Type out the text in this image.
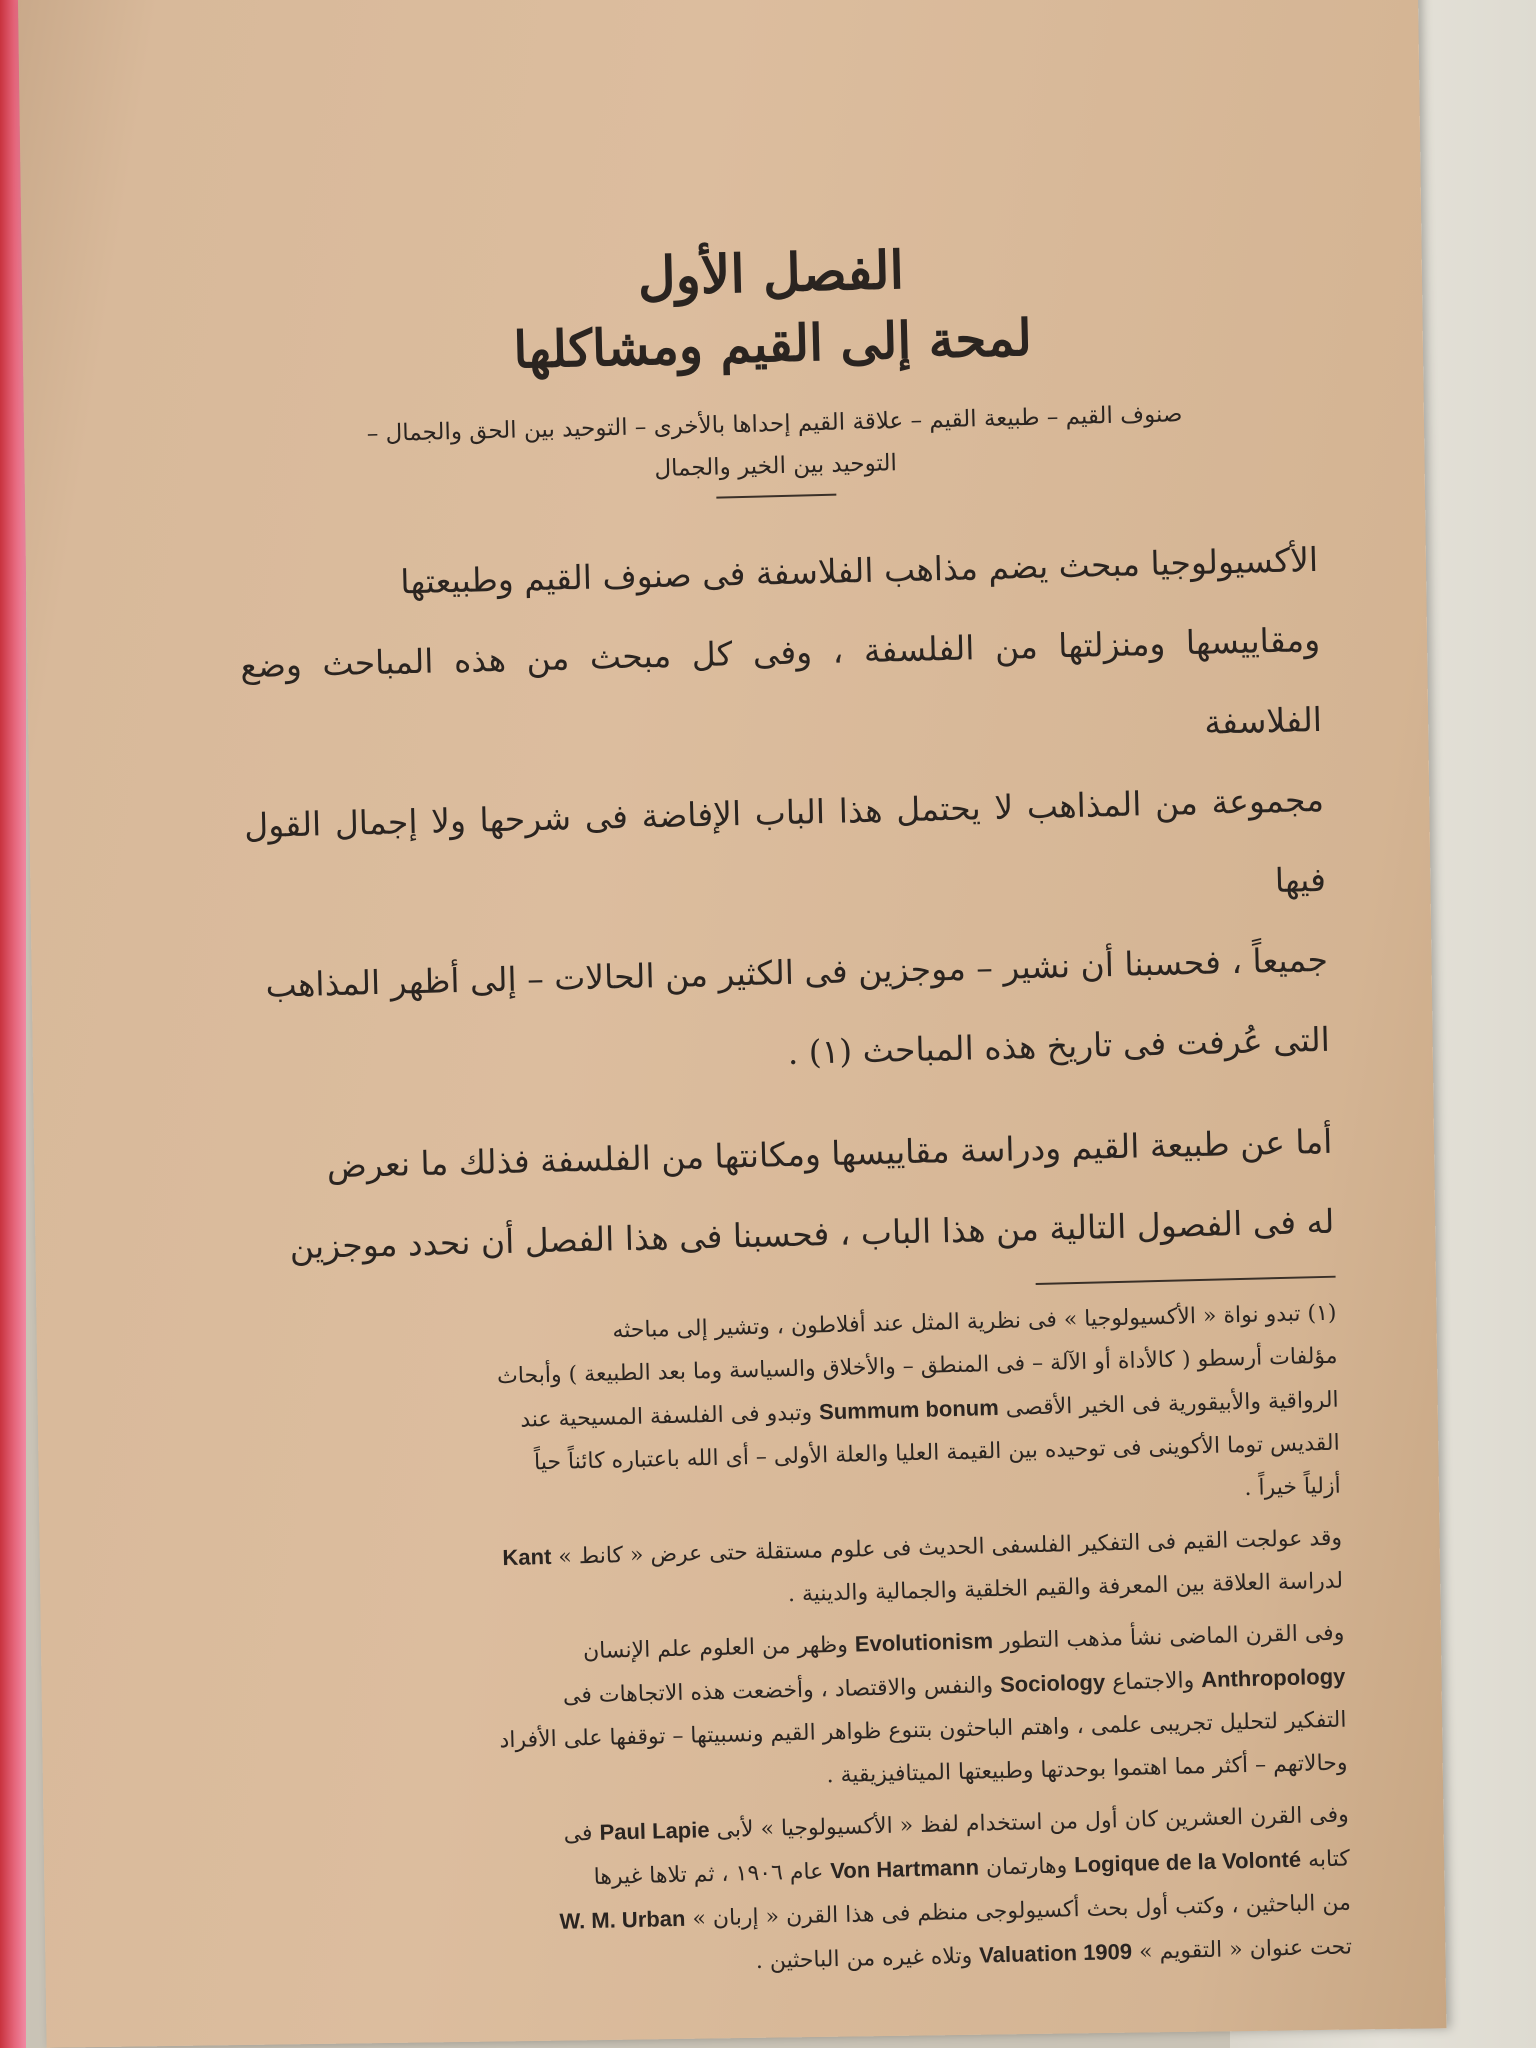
الفصل الأول
لمحة إلى القيم ومشاكلها
صنوف القيم – طبيعة القيم – علاقة القيم إحداها بالأخرى – التوحيد بين الحق والجمال –
التوحيد بين الخير والجمال
الأكسيولوجيا مبحث يضم مذاهب الفلاسفة فى صنوف القيم وطبيعتها
ومقاييسها ومنزلتها من الفلسفة ، وفى كل مبحث من هذه المباحث وضع الفلاسفة
مجموعة من المذاهب لا يحتمل هذا الباب الإفاضة فى شرحها ولا إجمال القول فيها
جميعاً ، فحسبنا أن نشير – موجزين فى الكثير من الحالات – إلى أظهر المذاهب
التى عُرفت فى تاريخ هذه المباحث (١) .
أما عن طبيعة القيم ودراسة مقاييسها ومكانتها من الفلسفة فذلك ما نعرض
له فى الفصول التالية من هذا الباب ، فحسبنا فى هذا الفصل أن نحدد موجزين
(١) تبدو نواة « الأكسيولوجيا » فى نظرية المثل عند أفلاطون ، وتشير إلى مباحثه
مؤلفات أرسطو ( كالأداة أو الآلة – فى المنطق – والأخلاق والسياسة وما بعد الطبيعة ) وأبحاث
الرواقية والأبيقورية فى الخير الأقصى Summum bonum وتبدو فى الفلسفة المسيحية عند
القديس توما الأكوينى فى توحيده بين القيمة العليا والعلة الأولى – أى الله باعتباره كائناً حياً
أزلياً خيراً .
وقد عولجت القيم فى التفكير الفلسفى الحديث فى علوم مستقلة حتى عرض « كانط » Kant
لدراسة العلاقة بين المعرفة والقيم الخلقية والجمالية والدينية .
وفى القرن الماضى نشأ مذهب التطور Evolutionism وظهر من العلوم علم الإنسان
Anthropology والاجتماع Sociology والنفس والاقتصاد ، وأخضعت هذه الاتجاهات فى
التفكير لتحليل تجريبى علمى ، واهتم الباحثون بتنوع ظواهر القيم ونسبيتها – توقفها على الأفراد
وحالاتهم – أكثر مما اهتموا بوحدتها وطبيعتها الميتافيزيقية .
وفى القرن العشرين كان أول من استخدام لفظ « الأكسيولوجيا » لأبى Paul Lapie فى
كتابه Logique de la Volonté وهارتمان Von Hartmann عام ١٩٠٦ ، ثم تلاها غيرها
من الباحثين ، وكتب أول بحث أكسيولوجى منظم فى هذا القرن « إربان » W. M. Urban
تحت عنوان « التقويم » Valuation 1909 وتلاه غيره من الباحثين .
